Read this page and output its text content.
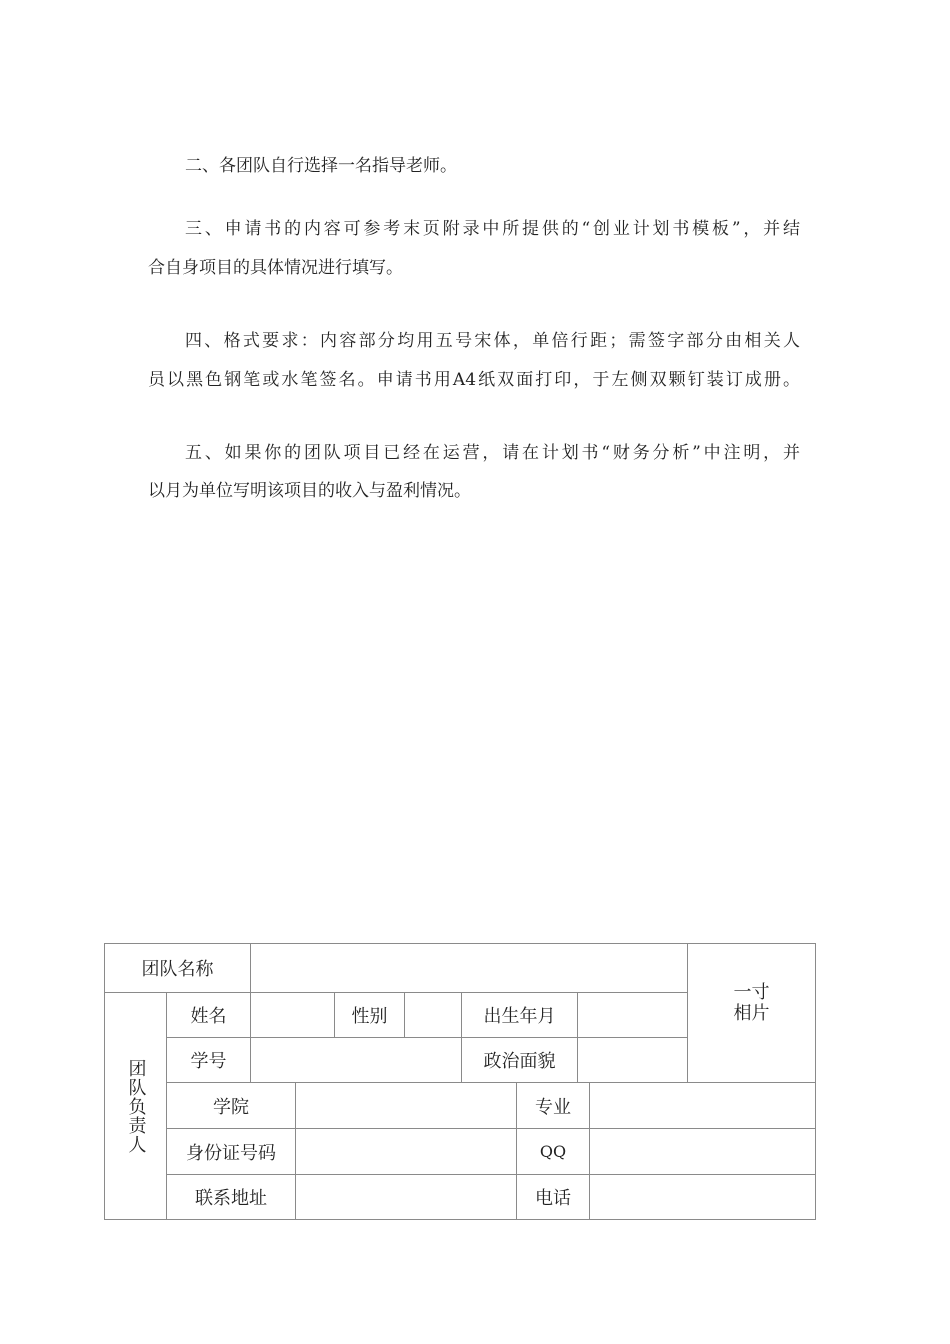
二、各团队自行选择一名指导老师。
三、申请书的内容可参考末页附录中所提供的“创业计划书模板”，并结
合自身项目的具体情况进行填写。
四、格式要求：内容部分均用五号宋体，单倍行距；需签字部分由相关人
员以黑色钢笔或水笔签名。申请书用A4纸双面打印，于左侧双颗钉装订成册。
五、如果你的团队项目已经在运营，请在计划书“财务分析”中注明，并
以月为单位写明该项目的收入与盈利情况。
团队名称
一寸相片
团队负责人
姓名	性别	出生年月
学号	政治面貌
学院	专业
身份证号码	QQ
联系地址	电话
